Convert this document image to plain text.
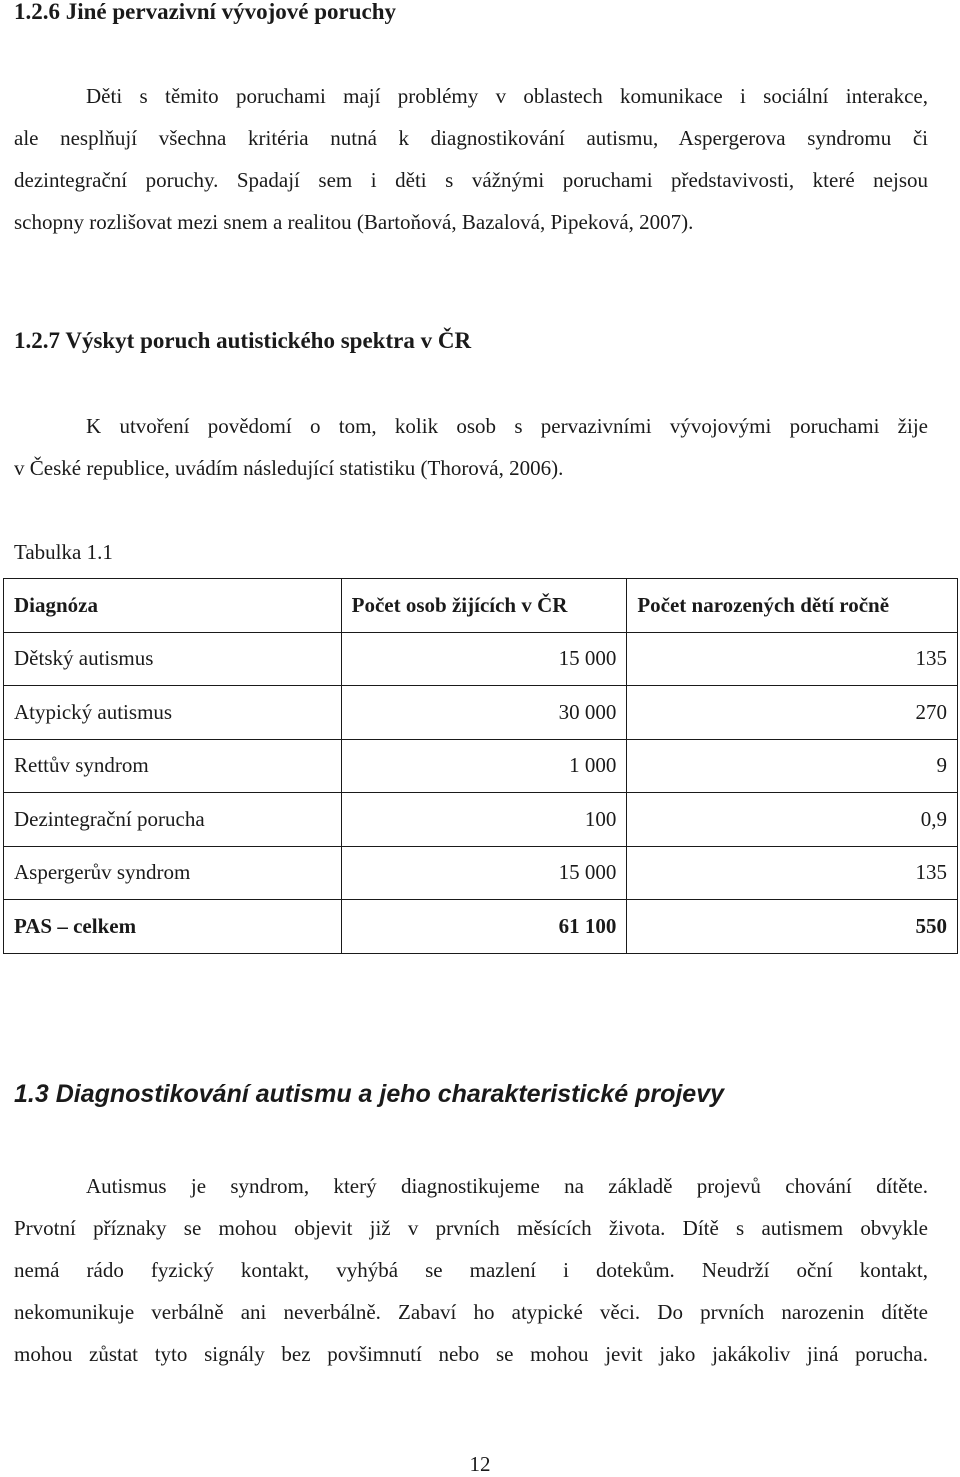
1.2.6 Jiné pervazivní vývojové poruchy
Děti s těmito poruchami mají problémy v oblastech komunikace i sociální interakce,
ale nesplňují všechna kritéria nutná k diagnostikování autismu, Aspergerova syndromu či
dezintegrační poruchy. Spadají sem i děti s vážnými poruchami představivosti, které nejsou
schopny rozlišovat mezi snem a realitou (Bartoňová, Bazalová, Pipeková, 2007).
1.2.7 Výskyt poruch autistického spektra v ČR
K utvoření povědomí o tom, kolik osob s pervazivními vývojovými poruchami žije
v České republice, uvádím následující statistiku (Thorová, 2006).
Tabulka 1.1
Diagnóza	Počet osob žijících v ČR	Počet narozených dětí ročně
Dětský autismus	15 000	135
Atypický autismus	30 000	270
Rettův syndrom	1 000	9
Dezintegrační porucha	100	0,9
Aspergerův syndrom	15 000	135
PAS – celkem	61 100	550
1.3 Diagnostikování autismu a jeho charakteristické projevy
Autismus je syndrom, který diagnostikujeme na základě projevů chování dítěte.
Prvotní příznaky se mohou objevit již v prvních měsících života. Dítě s autismem obvykle
nemá rádo fyzický kontakt, vyhýbá se mazlení i dotekům. Neudrží oční kontakt,
nekomunikuje verbálně ani neverbálně. Zabaví ho atypické věci. Do prvních narozenin dítěte
mohou zůstat tyto signály bez povšimnutí nebo se mohou jevit jako jakákoliv jiná porucha.
12
